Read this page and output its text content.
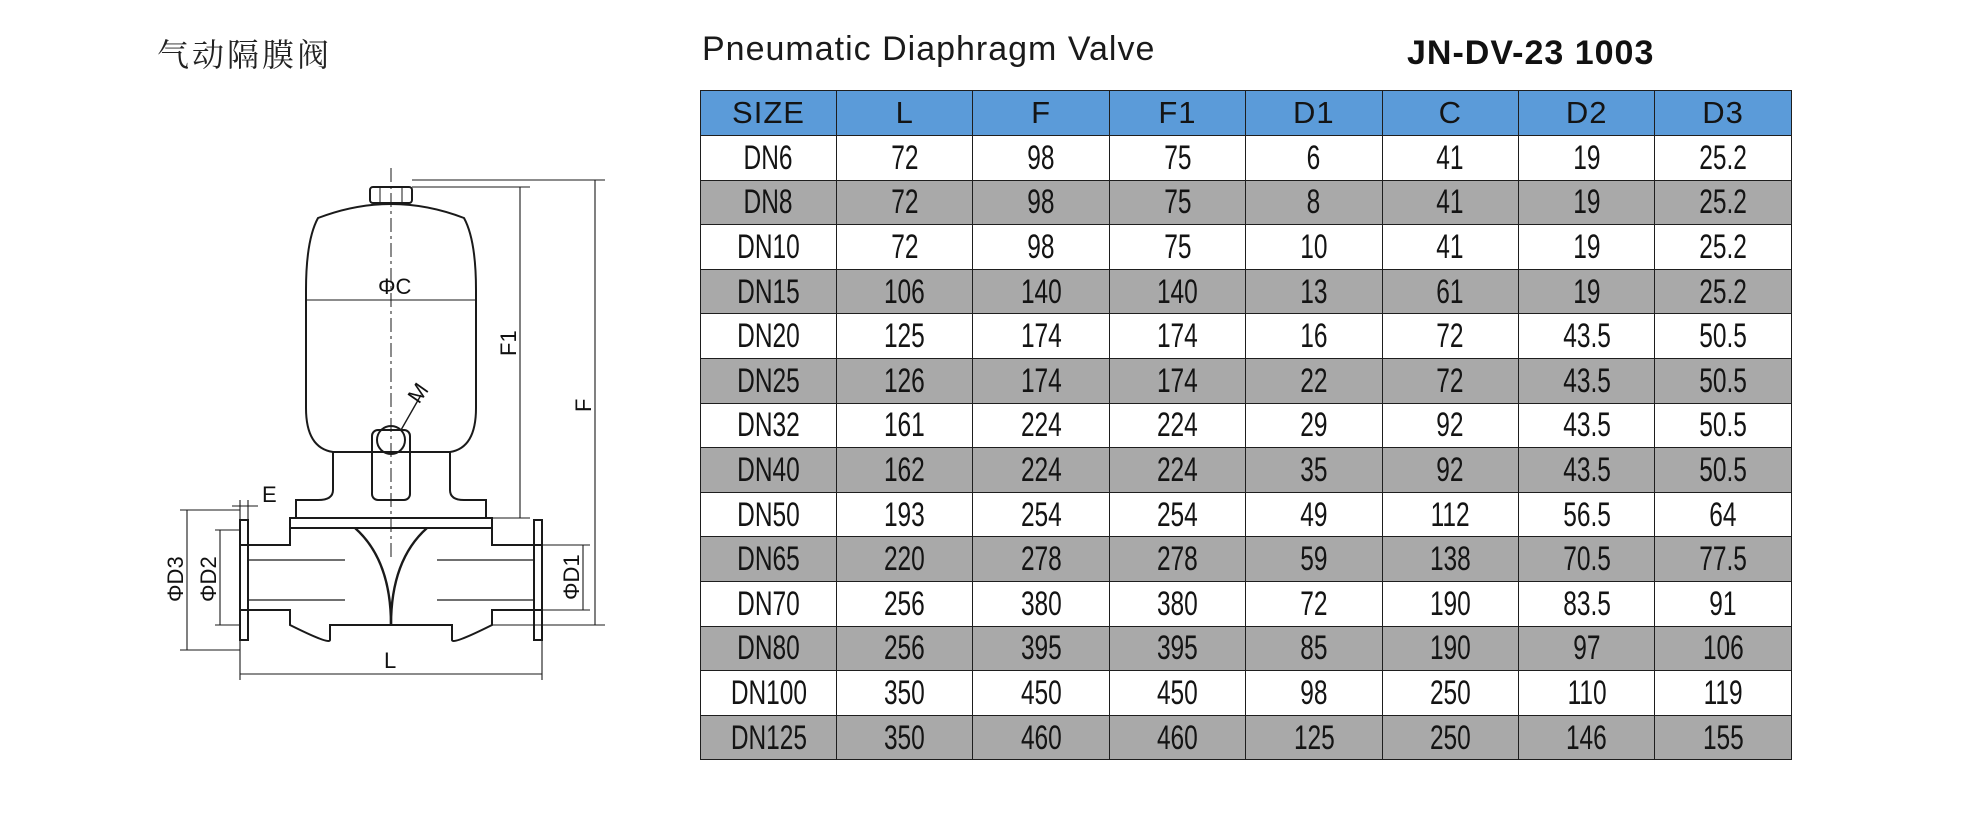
气动隔膜阀	Pneumatic Diaphragm Valve	JN-DV-23 1003
ΦC
M
F1
F
E
ΦD3 ΦD2	ΦD1
L
SIZE	L	F	F1	D1	C	D2	D3
DN6	72	98	75	6	41	19	25.2
DN8	72	98	75	8	41	19	25.2
DN10	72	98	75	10	41	19	25.2
DN15	106	140	140	13	61	19	25.2
DN20	125	174	174	16	72	43.5	50.5
DN25	126	174	174	22	72	43.5	50.5
DN32	161	224	224	29	92	43.5	50.5
DN40	162	224	224	35	92	43.5	50.5
DN50	193	254	254	49	112	56.5	64
DN65	220	278	278	59	138	70.5	77.5
DN70	256	380	380	72	190	83.5	91
DN80	256	395	395	85	190	97	106
DN100	350	450	450	98	250	110	119
DN125	350	460	460	125	250	146	155
